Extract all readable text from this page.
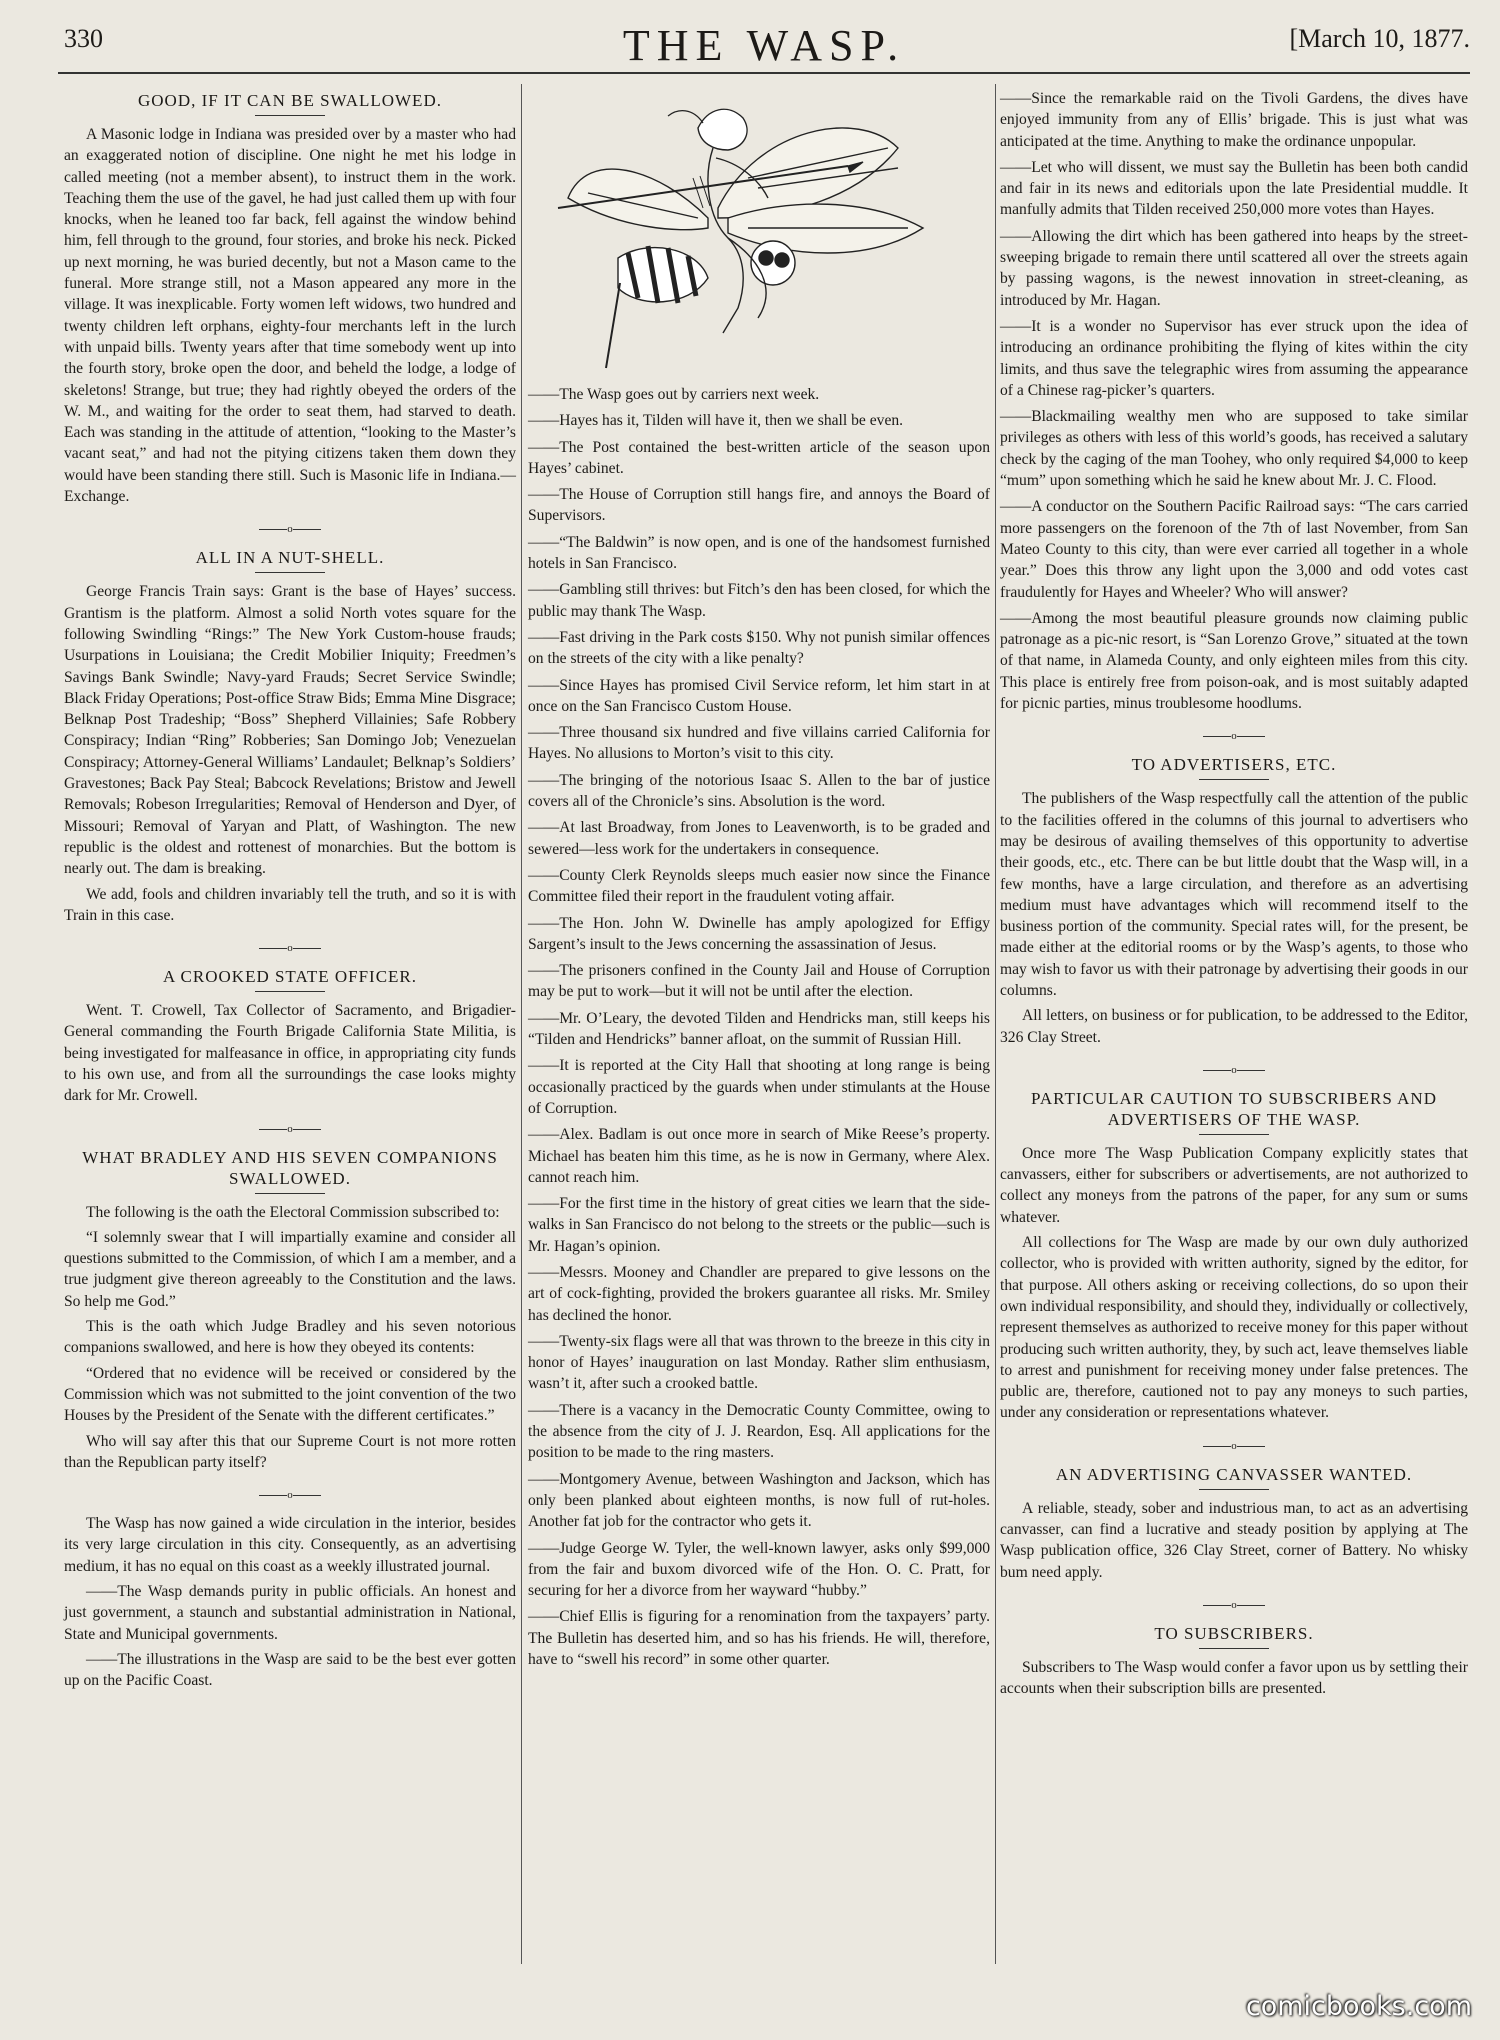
330	THE WASP.	[March 10, 1877.
GOOD, IF IT CAN BE SWALLOWED.

A Masonic lodge in Indiana was presided over by a master who had an exaggerated notion of discipline. One night he met his lodge in called meeting (not a member absent), to instruct them in the work. Teaching them the use of the gavel, he had just called them up with four knocks, when he leaned too far back, fell against the window behind him, fell through to the ground, four stories, and broke his neck. Picked up next morning, he was buried decently, but not a Mason came to the funeral. More strange still, not a Mason appeared any more in the village. It was inexplicable. Forty women left widows, two hundred and twenty children left orphans, eighty-four merchants left in the lurch with unpaid bills. Twenty years after that time somebody went up into the fourth story, broke open the door, and beheld the lodge, a lodge of skeletons! Strange, but true; they had rightly obeyed the orders of the W. M., and waiting for the order to seat them, had starved to death. Each was standing in the attitude of attention, “looking to the Master’s vacant seat,” and had not the pitying citizens taken them down they would have been standing there still. Such is Masonic life in Indiana.—Exchange.

o
ALL IN A NUT-SHELL.

George Francis Train says: Grant is the base of Hayes’ success. Grantism is the platform. Almost a solid North votes square for the following Swindling “Rings:” The New York Custom-house frauds; Usurpations in Louisiana; the Credit Mobilier Iniquity; Freedmen’s Savings Bank Swindle; Navy-yard Frauds; Secret Service Swindle; Black Friday Operations; Post-office Straw Bids; Emma Mine Disgrace; Belknap Post Tradeship; “Boss” Shepherd Villainies; Safe Robbery Conspiracy; Indian “Ring” Robberies; San Domingo Job; Venezuelan Conspiracy; Attorney-General Williams’ Landaulet; Belknap’s Soldiers’ Gravestones; Back Pay Steal; Babcock Revelations; Bristow and Jewell Removals; Robeson Irregularities; Removal of Henderson and Dyer, of Missouri; Removal of Yaryan and Platt, of Washington. The new republic is the oldest and rottenest of monarchies. But the bottom is nearly out. The dam is breaking.

We add, fools and children invariably tell the truth, and so it is with Train in this case.

o
A CROOKED STATE OFFICER.

Went. T. Crowell, Tax Collector of Sacramento, and Brigadier-General commanding the Fourth Brigade California State Militia, is being investigated for malfeasance in office, in appropriating city funds to his own use, and from all the surroundings the case looks mighty dark for Mr. Crowell.

o
WHAT BRADLEY AND HIS SEVEN COMPANIONS SWALLOWED.

The following is the oath the Electoral Commission subscribed to:

“I solemnly swear that I will impartially examine and consider all questions submitted to the Commission, of which I am a member, and a true judgment give thereon agreeably to the Constitution and the laws. So help me God.”

This is the oath which Judge Bradley and his seven notorious companions swallowed, and here is how they obeyed its contents:

“Ordered that no evidence will be received or considered by the Commission which was not submitted to the joint convention of the two Houses by the President of the Senate with the different certificates.”

Who will say after this that our Supreme Court is not more rotten than the Republican party itself?

o

The Wasp has now gained a wide circulation in the interior, besides its very large circulation in this city. Consequently, as an advertising medium, it has no equal on this coast as a weekly illustrated journal.

——The Wasp demands purity in public officials. An honest and just government, a staunch and substantial administration in National, State and Municipal governments.

——The illustrations in the Wasp are said to be the best ever gotten up on the Pacific Coast.

——The Wasp goes out by carriers next week.

——Hayes has it, Tilden will have it, then we shall be even.

——The Post contained the best-written article of the season upon Hayes’ cabinet.

——The House of Corruption still hangs fire, and annoys the Board of Supervisors.

——“The Baldwin” is now open, and is one of the handsomest furnished hotels in San Francisco.

——Gambling still thrives: but Fitch’s den has been closed, for which the public may thank The Wasp.

——Fast driving in the Park costs $150. Why not punish similar offences on the streets of the city with a like penalty?

——Since Hayes has promised Civil Service reform, let him start in at once on the San Francisco Custom House.

——Three thousand six hundred and five villains carried California for Hayes. No allusions to Morton’s visit to this city.

——The bringing of the notorious Isaac S. Allen to the bar of justice covers all of the Chronicle’s sins. Absolution is the word.

——At last Broadway, from Jones to Leavenworth, is to be graded and sewered—less work for the undertakers in consequence.

——County Clerk Reynolds sleeps much easier now since the Finance Committee filed their report in the fraudulent voting affair.

——The Hon. John W. Dwinelle has amply apologized for Effigy Sargent’s insult to the Jews concerning the assassination of Jesus.

——The prisoners confined in the County Jail and House of Corruption may be put to work—but it will not be until after the election.

——Mr. O’Leary, the devoted Tilden and Hendricks man, still keeps his “Tilden and Hendricks” banner afloat, on the summit of Russian Hill.

——It is reported at the City Hall that shooting at long range is being occasionally practiced by the guards when under stimulants at the House of Corruption.

——Alex. Badlam is out once more in search of Mike Reese’s property. Michael has beaten him this time, as he is now in Germany, where Alex. cannot reach him.

——For the first time in the history of great cities we learn that the side-walks in San Francisco do not belong to the streets or the public—such is Mr. Hagan’s opinion.

——Messrs. Mooney and Chandler are prepared to give lessons on the art of cock-fighting, provided the brokers guarantee all risks. Mr. Smiley has declined the honor.

——Twenty-six flags were all that was thrown to the breeze in this city in honor of Hayes’ inauguration on last Monday. Rather slim enthusiasm, wasn’t it, after such a crooked battle.

——There is a vacancy in the Democratic County Committee, owing to the absence from the city of J. J. Reardon, Esq. All applications for the position to be made to the ring masters.

——Montgomery Avenue, between Washington and Jackson, which has only been planked about eighteen months, is now full of rut-holes. Another fat job for the contractor who gets it.

——Judge George W. Tyler, the well-known lawyer, asks only $99,000 from the fair and buxom divorced wife of the Hon. O. C. Pratt, for securing for her a divorce from her wayward “hubby.”

——Chief Ellis is figuring for a renomination from the taxpayers’ party. The Bulletin has deserted him, and so has his friends. He will, therefore, have to “swell his record” in some other quarter.

——Since the remarkable raid on the Tivoli Gardens, the dives have enjoyed immunity from any of Ellis’ brigade. This is just what was anticipated at the time. Anything to make the ordinance unpopular.

——Let who will dissent, we must say the Bulletin has been both candid and fair in its news and editorials upon the late Presidential muddle. It manfully admits that Tilden received 250,000 more votes than Hayes.

——Allowing the dirt which has been gathered into heaps by the street-sweeping brigade to remain there until scattered all over the streets again by passing wagons, is the newest innovation in street-cleaning, as introduced by Mr. Hagan.

——It is a wonder no Supervisor has ever struck upon the idea of introducing an ordinance prohibiting the flying of kites within the city limits, and thus save the telegraphic wires from assuming the appearance of a Chinese rag-picker’s quarters.

——Blackmailing wealthy men who are supposed to take similar privileges as others with less of this world’s goods, has received a salutary check by the caging of the man Toohey, who only required $4,000 to keep “mum” upon something which he said he knew about Mr. J. C. Flood.

——A conductor on the Southern Pacific Railroad says: “The cars carried more passengers on the forenoon of the 7th of last November, from San Mateo County to this city, than were ever carried all together in a whole year.” Does this throw any light upon the 3,000 and odd votes cast fraudulently for Hayes and Wheeler? Who will answer?

——Among the most beautiful pleasure grounds now claiming public patronage as a pic-nic resort, is “San Lorenzo Grove,” situated at the town of that name, in Alameda County, and only eighteen miles from this city. This place is entirely free from poison-oak, and is most suitably adapted for picnic parties, minus troublesome hoodlums.

o
TO ADVERTISERS, ETC.

The publishers of the Wasp respectfully call the attention of the public to the facilities offered in the columns of this journal to advertisers who may be desirous of availing themselves of this opportunity to advertise their goods, etc., etc. There can be but little doubt that the Wasp will, in a few months, have a large circulation, and therefore as an advertising medium must have advantages which will recommend itself to the business portion of the community. Special rates will, for the present, be made either at the editorial rooms or by the Wasp’s agents, to those who may wish to favor us with their patronage by advertising their goods in our columns.

All letters, on business or for publication, to be addressed to the Editor, 326 Clay Street.

o
PARTICULAR CAUTION TO SUBSCRIBERS AND ADVERTISERS OF THE WASP.

Once more The Wasp Publication Company explicitly states that canvassers, either for subscribers or advertisements, are not authorized to collect any moneys from the patrons of the paper, for any sum or sums whatever.

All collections for The Wasp are made by our own duly authorized collector, who is provided with written authority, signed by the editor, for that purpose. All others asking or receiving collections, do so upon their own individual responsibility, and should they, individually or collectively, represent themselves as authorized to receive money for this paper without producing such written authority, they, by such act, leave themselves liable to arrest and punishment for receiving money under false pretences. The public are, therefore, cautioned not to pay any moneys to such parties, under any consideration or representations whatever.

o
AN ADVERTISING CANVASSER WANTED.

A reliable, steady, sober and industrious man, to act as an advertising canvasser, can find a lucrative and steady position by applying at The Wasp publication office, 326 Clay Street, corner of Battery. No whisky bum need apply.

o
TO SUBSCRIBERS.

Subscribers to The Wasp would confer a favor upon us by settling their accounts when their subscription bills are presented.

comicbooks.com
